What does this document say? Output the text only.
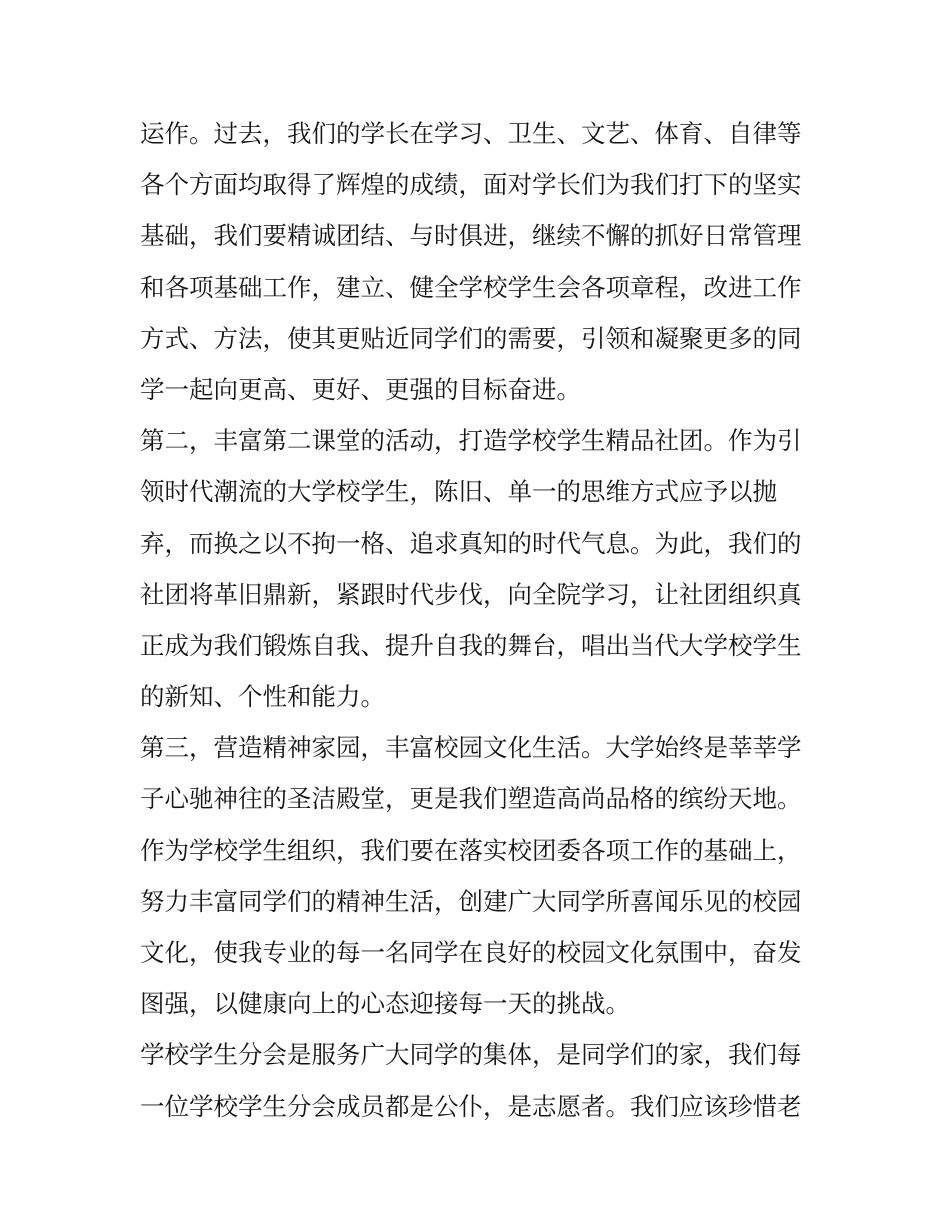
运作。过去，我们的学长在学习、卫生、文艺、体育、自律等
各个方面均取得了辉煌的成绩，面对学长们为我们打下的坚实
基础，我们要精诚团结、与时俱进，继续不懈的抓好日常管理
和各项基础工作，建立、健全学校学生会各项章程，改进工作
方式、方法，使其更贴近同学们的需要，引领和凝聚更多的同
学一起向更高、更好、更强的目标奋进。
第二，丰富第二课堂的活动，打造学校学生精品社团。作为引
领时代潮流的大学校学生，陈旧、单一的思维方式应予以抛
弃，而换之以不拘一格、追求真知的时代气息。为此，我们的
社团将革旧鼎新，紧跟时代步伐，向全院学习，让社团组织真
正成为我们锻炼自我、提升自我的舞台，唱出当代大学校学生
的新知、个性和能力。
第三，营造精神家园，丰富校园文化生活。大学始终是莘莘学
子心驰神往的圣洁殿堂，更是我们塑造高尚品格的缤纷天地。
作为学校学生组织，我们要在落实校团委各项工作的基础上，
努力丰富同学们的精神生活，创建广大同学所喜闻乐见的校园
文化，使我专业的每一名同学在良好的校园文化氛围中，奋发
图强，以健康向上的心态迎接每一天的挑战。
学校学生分会是服务广大同学的集体，是同学们的家，我们每
一位学校学生分会成员都是公仆，是志愿者。我们应该珍惜老
